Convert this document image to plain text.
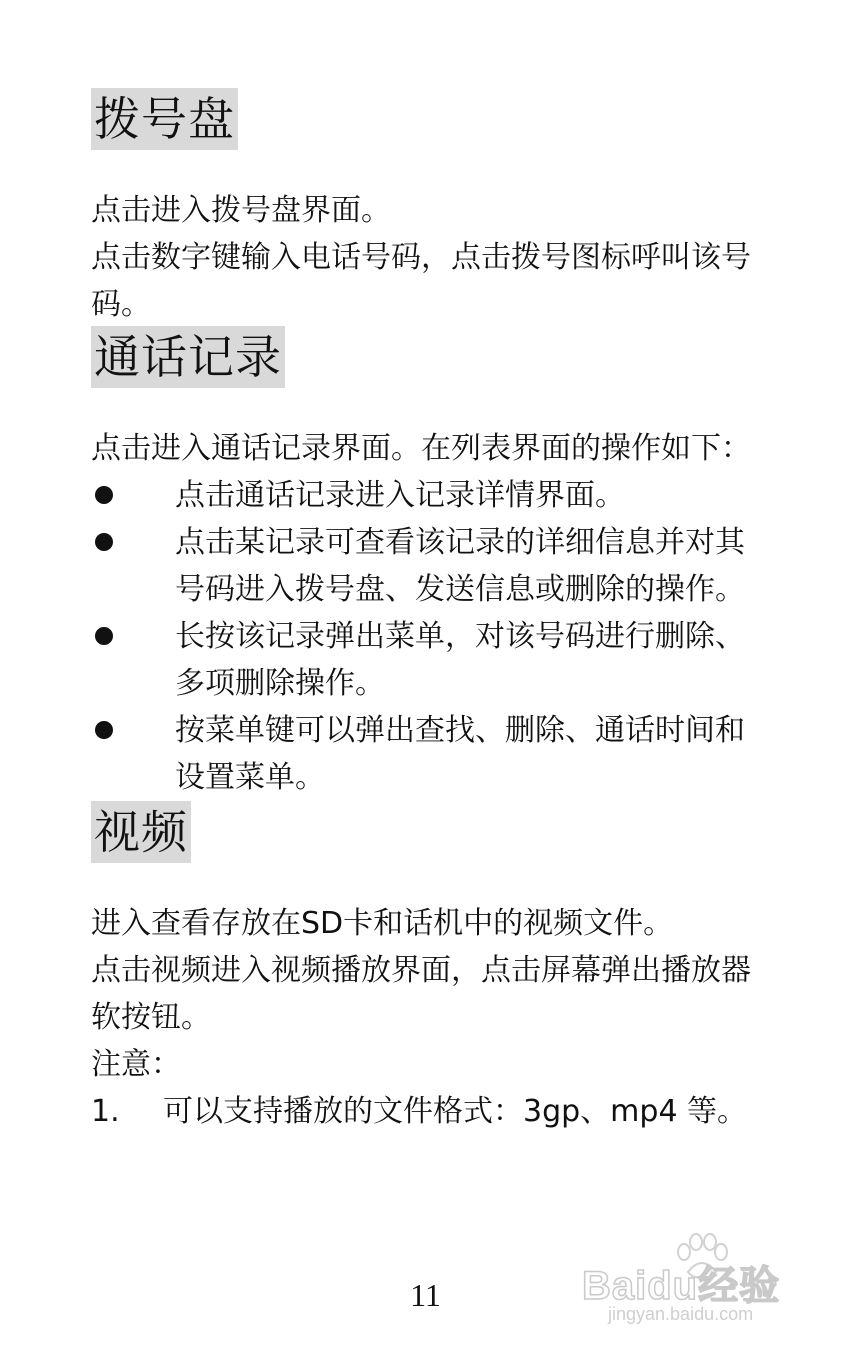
拨号盘

点击进入拨号盘界面。

点击数字键输入电话号码，点击拨号图标呼叫该号码。

通话记录

点击进入通话记录界面。在列表界面的操作如下：

点击通话记录进入记录详情界面。
点击某记录可查看该记录的详细信息并对其号码进入拨号盘、发送信息或删除的操作。
长按该记录弹出菜单，对该号码进行删除、多项删除操作。
按菜单键可以弹出查找、删除、通话时间和设置菜单。
视频

进入查看存放在SD卡和话机中的视频文件。

点击视频进入视频播放界面，点击屏幕弹出播放器软按钮。

注意：

1.	可以支持播放的文件格式：3gp、mp4 等。
11	Baidu经验
jingyan.baidu.com
